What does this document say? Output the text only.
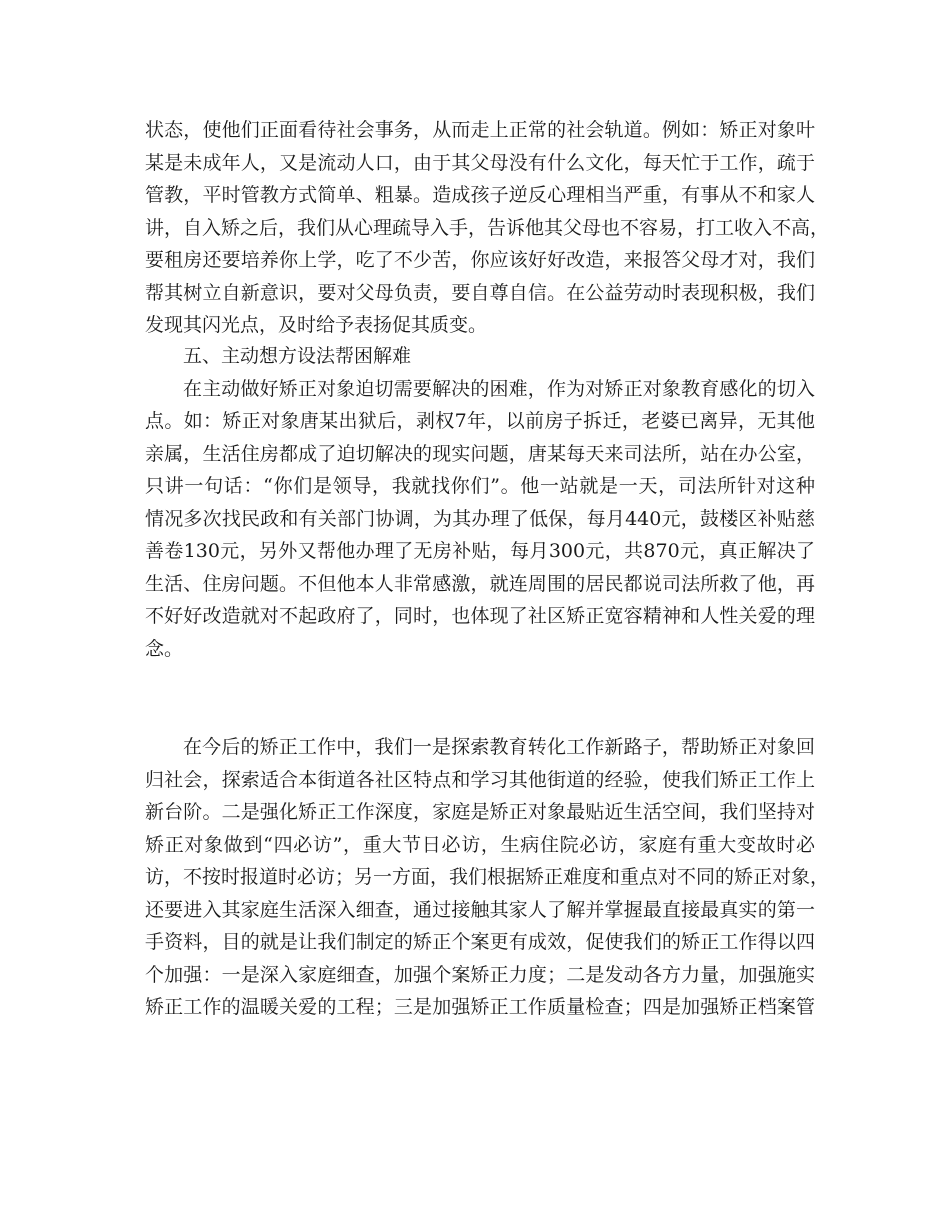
状态，使他们正面看待社会事务，从而走上正常的社会轨道。例如：矫正对象叶
某是未成年人，又是流动人口，由于其父母没有什么文化，每天忙于工作，疏于
管教，平时管教方式简单、粗暴。造成孩子逆反心理相当严重，有事从不和家人
讲，自入矫之后，我们从心理疏导入手，告诉他其父母也不容易，打工收入不高，
要租房还要培养你上学，吃了不少苦，你应该好好改造，来报答父母才对，我们
帮其树立自新意识，要对父母负责，要自尊自信。在公益劳动时表现积极，我们
发现其闪光点，及时给予表扬促其质变。
五、主动想方设法帮困解难
在主动做好矫正对象迫切需要解决的困难，作为对矫正对象教育感化的切入
点。如：矫正对象唐某出狱后，剥权7年，以前房子拆迁，老婆已离异，无其他
亲属，生活住房都成了迫切解决的现实问题，唐某每天来司法所，站在办公室，
只讲一句话：“你们是领导，我就找你们”。他一站就是一天，司法所针对这种
情况多次找民政和有关部门协调，为其办理了低保，每月440元，鼓楼区补贴慈
善卷130元，另外又帮他办理了无房补贴，每月300元，共870元，真正解决了
生活、住房问题。不但他本人非常感激，就连周围的居民都说司法所救了他，再
不好好改造就对不起政府了，同时，也体现了社区矫正宽容精神和人性关爱的理
念。
在今后的矫正工作中，我们一是探索教育转化工作新路子，帮助矫正对象回
归社会，探索适合本街道各社区特点和学习其他街道的经验，使我们矫正工作上
新台阶。二是强化矫正工作深度，家庭是矫正对象最贴近生活空间，我们坚持对
矫正对象做到“四必访”，重大节日必访，生病住院必访，家庭有重大变故时必
访，不按时报道时必访；另一方面，我们根据矫正难度和重点对不同的矫正对象，
还要进入其家庭生活深入细查，通过接触其家人了解并掌握最直接最真实的第一
手资料，目的就是让我们制定的矫正个案更有成效，促使我们的矫正工作得以四
个加强：一是深入家庭细查，加强个案矫正力度；二是发动各方力量，加强施实
矫正工作的温暖关爱的工程；三是加强矫正工作质量检查；四是加强矫正档案管
